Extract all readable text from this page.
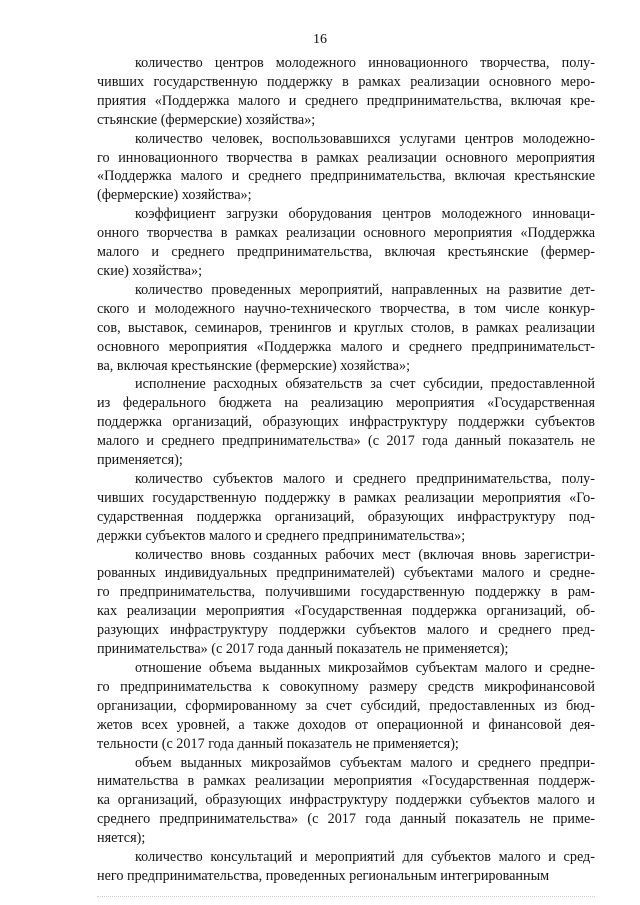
16
количество центров молодежного инновационного творчества, полу-
чивших государственную поддержку в рамках реализации основного меро-
приятия «Поддержка малого и среднего предпринимательства, включая кре-
стьянские (фермерские) хозяйства»;
количество человек, воспользовавшихся услугами центров молодежно-
го инновационного творчества в рамках реализации основного мероприятия
«Поддержка малого и среднего предпринимательства, включая крестьянские
(фермерские) хозяйства»;
коэффициент загрузки оборудования центров молодежного инноваци-
онного творчества в рамках реализации основного мероприятия «Поддержка
малого и среднего предпринимательства, включая крестьянские (фермер-
ские) хозяйства»;
количество проведенных мероприятий, направленных на развитие дет-
ского и молодежного научно-технического творчества, в том числе конкур-
сов, выставок, семинаров, тренингов и круглых столов, в рамках реализации
основного мероприятия «Поддержка малого и среднего предпринимательст-
ва, включая крестьянские (фермерские) хозяйства»;
исполнение расходных обязательств за счет субсидии, предоставленной
из федерального бюджета на реализацию мероприятия «Государственная
поддержка организаций, образующих инфраструктуру поддержки субъектов
малого и среднего предпринимательства» (с 2017 года данный показатель не
применяется);
количество субъектов малого и среднего предпринимательства, полу-
чивших государственную поддержку в рамках реализации мероприятия «Го-
сударственная поддержка организаций, образующих инфраструктуру под-
держки субъектов малого и среднего предпринимательства»;
количество вновь созданных рабочих мест (включая вновь зарегистри-
рованных индивидуальных предпринимателей) субъектами малого и средне-
го предпринимательства, получившими государственную поддержку в рам-
ках реализации мероприятия «Государственная поддержка организаций, об-
разующих инфраструктуру поддержки субъектов малого и среднего пред-
принимательства» (с 2017 года данный показатель не применяется);
отношение объема выданных микрозаймов субъектам малого и средне-
го предпринимательства к совокупному размеру средств микрофинансовой
организации, сформированному за счет субсидий, предоставленных из бюд-
жетов всех уровней, а также доходов от операционной и финансовой дея-
тельности (с 2017 года данный показатель не применяется);
объем выданных микрозаймов субъектам малого и среднего предпри-
нимательства в рамках реализации мероприятия «Государственная поддерж-
ка организаций, образующих инфраструктуру поддержки субъектов малого и
среднего предпринимательства» (с 2017 года данный показатель не приме-
няется);
количество консультаций и мероприятий для субъектов малого и сред-
него предпринимательства, проведенных региональным интегрированным
